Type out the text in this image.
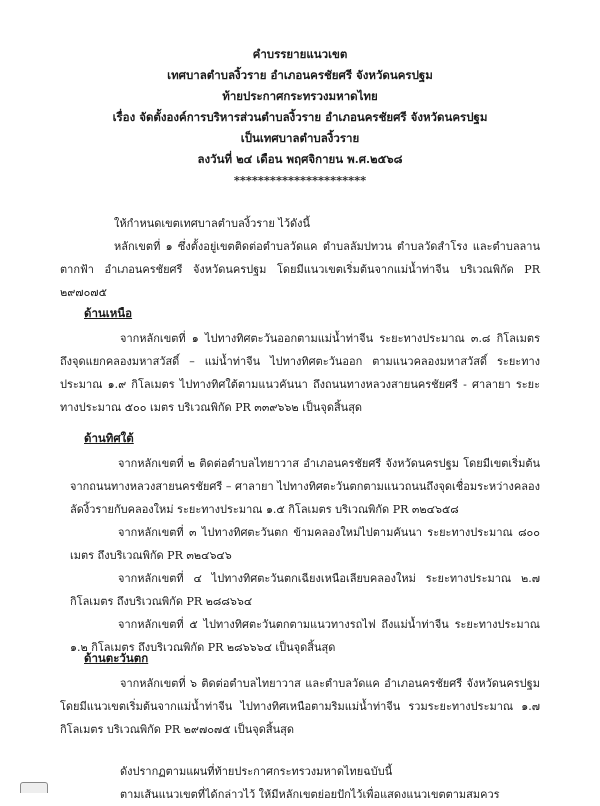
คำบรรยายแนวเขต
เทศบาลตำบลงิ้วราย อำเภอนครชัยศรี จังหวัดนครปฐม
ท้ายประกาศกระทรวงมหาดไทย
เรื่อง จัดตั้งองค์การบริหารส่วนตำบลงิ้วราย อำเภอนครชัยศรี จังหวัดนครปฐม
เป็นเทศบาลตำบลงิ้วราย
ลงวันที่ ๒๔ เดือน พฤศจิกายน พ.ศ.๒๕๖๘
**********************

ให้กำหนดเขตเทศบาลตำบลงิ้วราย ไว้ดังนี้

หลักเขตที่ ๑ ซึ่งตั้งอยู่เขตติดต่อตำบลวัดแค ตำบลลัมปทวน ตำบลวัดสำโรง และตำบลลานตากฟ้า อำเภอนครชัยศรี จังหวัดนครปฐม โดยมีแนวเขตเริ่มต้นจากแม่น้ำท่าจีน บริเวณพิกัด PR ๒๙๗๐๗๕

ด้านเหนือ

จากหลักเขตที่ ๑ ไปทางทิศตะวันออกตามแม่น้ำท่าจีน ระยะทางประมาณ ๓.๘ กิโลเมตร ถึงจุดแยกคลองมหาสวัสดิ์ – แม่น้ำท่าจีน ไปทางทิศตะวันออก ตามแนวคลองมหาสวัสดิ์ ระยะทางประมาณ ๑.๙ กิโลเมตร ไปทางทิศใต้ตามแนวคันนา ถึงถนนทางหลวงสายนครชัยศรี - ศาลายา ระยะทางประมาณ ๕๐๐ เมตร บริเวณพิกัด PR ๓๓๙๖๖๒ เป็นจุดสิ้นสุด

ด้านทิศใต้

จากหลักเขตที่ ๒ ติดต่อตำบลไทยาวาส อำเภอนครชัยศรี จังหวัดนครปฐม โดยมีเขตเริ่มต้นจากถนนทางหลวงสายนครชัยศรี – ศาลายา ไปทางทิศตะวันตกตามแนวถนนถึงจุดเชื่อมระหว่างคลองลัดงิ้วรายกับคลองใหม่ ระยะทางประมาณ ๑.๕ กิโลเมตร บริเวณพิกัด PR ๓๒๔๖๕๘

จากหลักเขตที่ ๓ ไปทางทิศตะวันตก ข้ามคลองใหม่ไปตามคันนา ระยะทางประมาณ ๘๐๐ เมตร ถึงบริเวณพิกัด PR ๓๒๔๖๔๖

จากหลักเขตที่ ๔ ไปทางทิศตะวันตกเฉียงเหนือเลียบคลองใหม่ ระยะทางประมาณ ๒.๗ กิโลเมตร ถึงบริเวณพิกัด PR ๒๘๘๖๖๔

จากหลักเขตที่ ๕ ไปทางทิศตะวันตกตามแนวทางรถไฟ ถึงแม่น้ำท่าจีน ระยะทางประมาณ ๑.๒ กิโลเมตร ถึงบริเวณพิกัด PR ๒๘๖๖๖๔ เป็นจุดสิ้นสุด

ด้านตะวันตก

จากหลักเขตที่ ๖ ติดต่อตำบลไทยาวาส และตำบลวัดแค อำเภอนครชัยศรี จังหวัดนครปฐม โดยมีแนวเขตเริ่มต้นจากแม่น้ำท่าจีน ไปทางทิศเหนือตามริมแม่น้ำท่าจีน รวมระยะทางประมาณ ๑.๗ กิโลเมตร บริเวณพิกัด PR ๒๙๗๐๗๕ เป็นจุดสิ้นสุด

ดังปรากฏตามแผนที่ท้ายประกาศกระทรวงมหาดไทยฉบับนี้

ตามเส้นแนวเขตที่ได้กล่าวไว้ ให้มีหลักเขตย่อยปักไว้เพื่อแสดงแนวเขตตามสมควร
